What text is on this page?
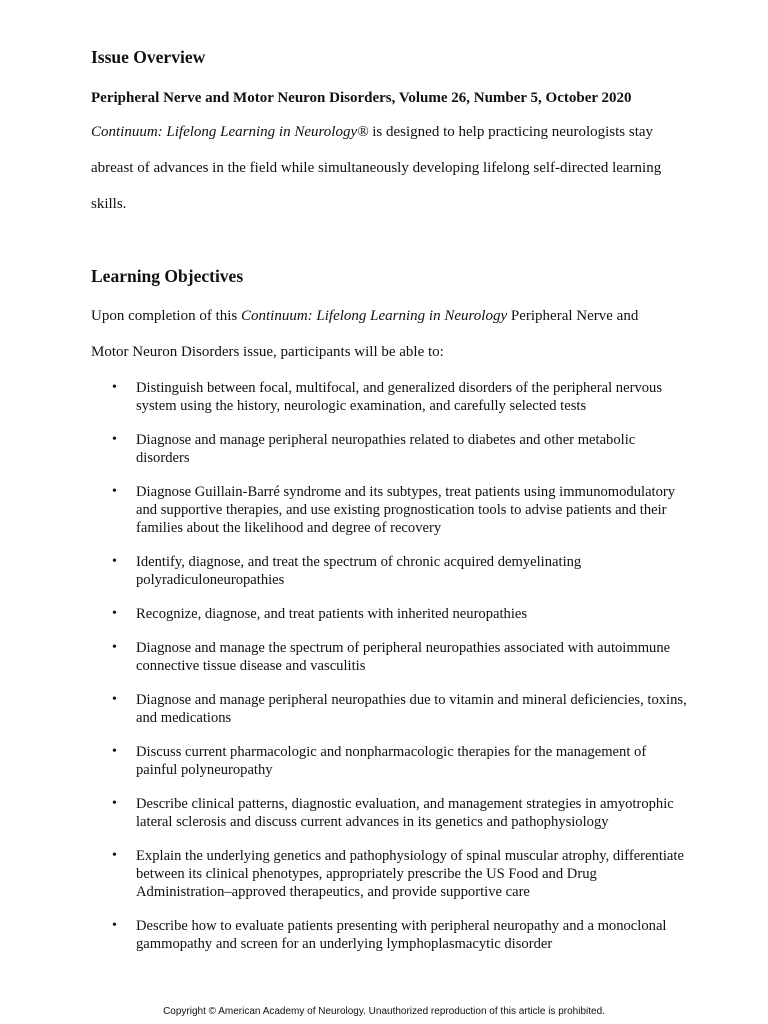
Issue Overview

Peripheral Nerve and Motor Neuron Disorders, Volume 26, Number 5, October 2020

Continuum: Lifelong Learning in Neurology® is designed to help practicing neurologists stay
abreast of advances in the field while simultaneously developing lifelong self-directed learning
skills.

Learning Objectives

Upon completion of this Continuum: Lifelong Learning in Neurology Peripheral Nerve and
Motor Neuron Disorders issue, participants will be able to:

• Distinguish between focal, multifocal, and generalized disorders of the peripheral nervous system using the history, neurologic examination, and carefully selected tests
• Diagnose and manage peripheral neuropathies related to diabetes and other metabolic disorders
• Diagnose Guillain-Barré syndrome and its subtypes, treat patients using immunomodulatory and supportive therapies, and use existing prognostication tools to advise patients and their families about the likelihood and degree of recovery
• Identify, diagnose, and treat the spectrum of chronic acquired demyelinating polyradiculoneuropathies
• Recognize, diagnose, and treat patients with inherited neuropathies
• Diagnose and manage the spectrum of peripheral neuropathies associated with autoimmune connective tissue disease and vasculitis
• Diagnose and manage peripheral neuropathies due to vitamin and mineral deficiencies, toxins, and medications
• Discuss current pharmacologic and nonpharmacologic therapies for the management of painful polyneuropathy
• Describe clinical patterns, diagnostic evaluation, and management strategies in amyotrophic lateral sclerosis and discuss current advances in its genetics and pathophysiology
• Explain the underlying genetics and pathophysiology of spinal muscular atrophy, differentiate between its clinical phenotypes, appropriately prescribe the US Food and Drug Administration–approved therapeutics, and provide supportive care
• Describe how to evaluate patients presenting with peripheral neuropathy and a monoclonal gammopathy and screen for an underlying lymphoplasmacytic disorder
Copyright © American Academy of Neurology. Unauthorized reproduction of this article is prohibited.
